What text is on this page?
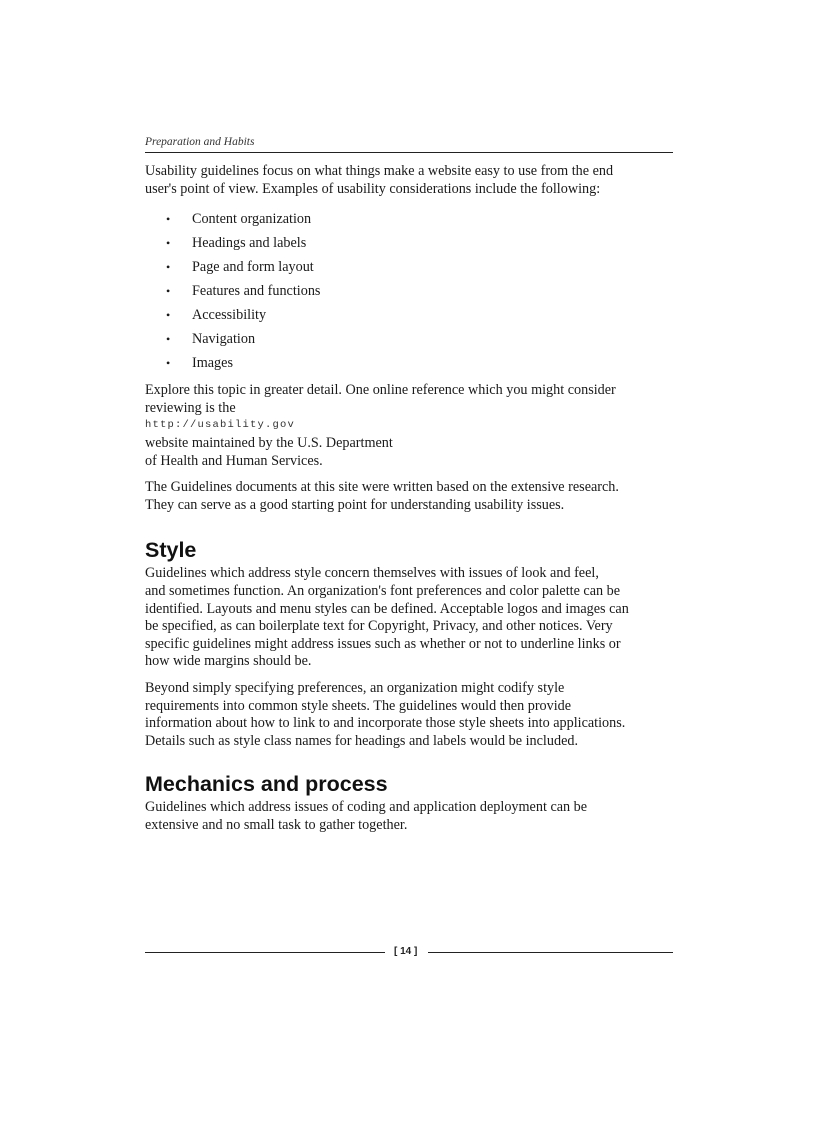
Preparation and Habits

Usability guidelines focus on what things make a website easy to use from the end
user's point of view. Examples of usability considerations include the following:

• Content organization
• Headings and labels
• Page and form layout
• Features and functions
• Accessibility
• Navigation
• Images

Explore this topic in greater detail. One online reference which you might consider
reviewing is the
http://usability.gov
website maintained by the U.S. Department
of Health and Human Services.

The Guidelines documents at this site were written based on the extensive research.
They can serve as a good starting point for understanding usability issues.

Style

Guidelines which address style concern themselves with issues of look and feel,
and sometimes function. An organization's font preferences and color palette can be
identified. Layouts and menu styles can be defined. Acceptable logos and images can
be specified, as can boilerplate text for Copyright, Privacy, and other notices. Very
specific guidelines might address issues such as whether or not to underline links or
how wide margins should be.

Beyond simply specifying preferences, an organization might codify style
requirements into common style sheets. The guidelines would then provide
information about how to link to and incorporate those style sheets into applications.
Details such as style class names for headings and labels would be included.

Mechanics and process

Guidelines which address issues of coding and application deployment can be
extensive and no small task to gather together.

[ 14 ]
